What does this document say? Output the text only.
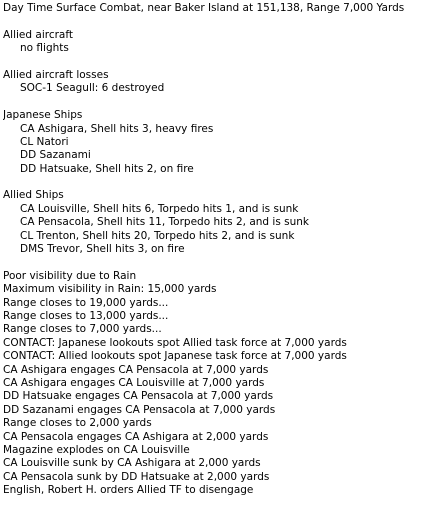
Day Time Surface Combat, near Baker Island at 151,138, Range 7,000 Yards
Allied aircraft
no flights
Allied aircraft losses
SOC-1 Seagull: 6 destroyed
Japanese Ships
CA Ashigara, Shell hits 3, heavy fires
CL Natori
DD Sazanami
DD Hatsuake, Shell hits 2, on fire
Allied Ships
CA Louisville, Shell hits 6, Torpedo hits 1, and is sunk
CA Pensacola, Shell hits 11, Torpedo hits 2, and is sunk
CL Trenton, Shell hits 20, Torpedo hits 2, and is sunk
DMS Trevor, Shell hits 3, on fire
Poor visibility due to Rain
Maximum visibility in Rain: 15,000 yards
Range closes to 19,000 yards...
Range closes to 13,000 yards...
Range closes to 7,000 yards...
CONTACT: Japanese lookouts spot Allied task force at 7,000 yards
CONTACT: Allied lookouts spot Japanese task force at 7,000 yards
CA Ashigara engages CA Pensacola at 7,000 yards
CA Ashigara engages CA Louisville at 7,000 yards
DD Hatsuake engages CA Pensacola at 7,000 yards
DD Sazanami engages CA Pensacola at 7,000 yards
Range closes to 2,000 yards
CA Pensacola engages CA Ashigara at 2,000 yards
Magazine explodes on CA Louisville
CA Louisville sunk by CA Ashigara at 2,000 yards
CA Pensacola sunk by DD Hatsuake at 2,000 yards
English, Robert H. orders Allied TF to disengage
